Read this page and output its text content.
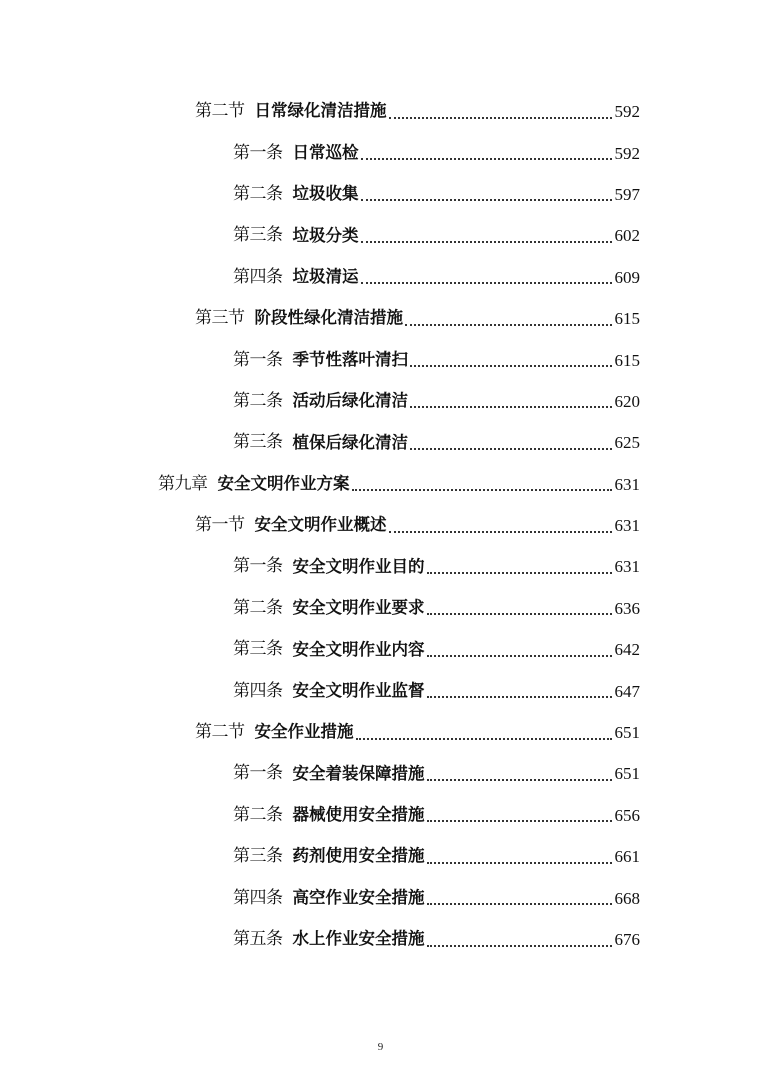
第二节 日常绿化清洁措施	592
第一条 日常巡检	592
第二条 垃圾收集	597
第三条 垃圾分类	602
第四条 垃圾清运	609
第三节 阶段性绿化清洁措施	615
第一条 季节性落叶清扫	615
第二条 活动后绿化清洁	620
第三条 植保后绿化清洁	625
第九章 安全文明作业方案	631
第一节 安全文明作业概述	631
第一条 安全文明作业目的	631
第二条 安全文明作业要求	636
第三条 安全文明作业内容	642
第四条 安全文明作业监督	647
第二节 安全作业措施	651
第一条 安全着装保障措施	651
第二条 器械使用安全措施	656
第三条 药剂使用安全措施	661
第四条 高空作业安全措施	668
第五条 水上作业安全措施	676
9
